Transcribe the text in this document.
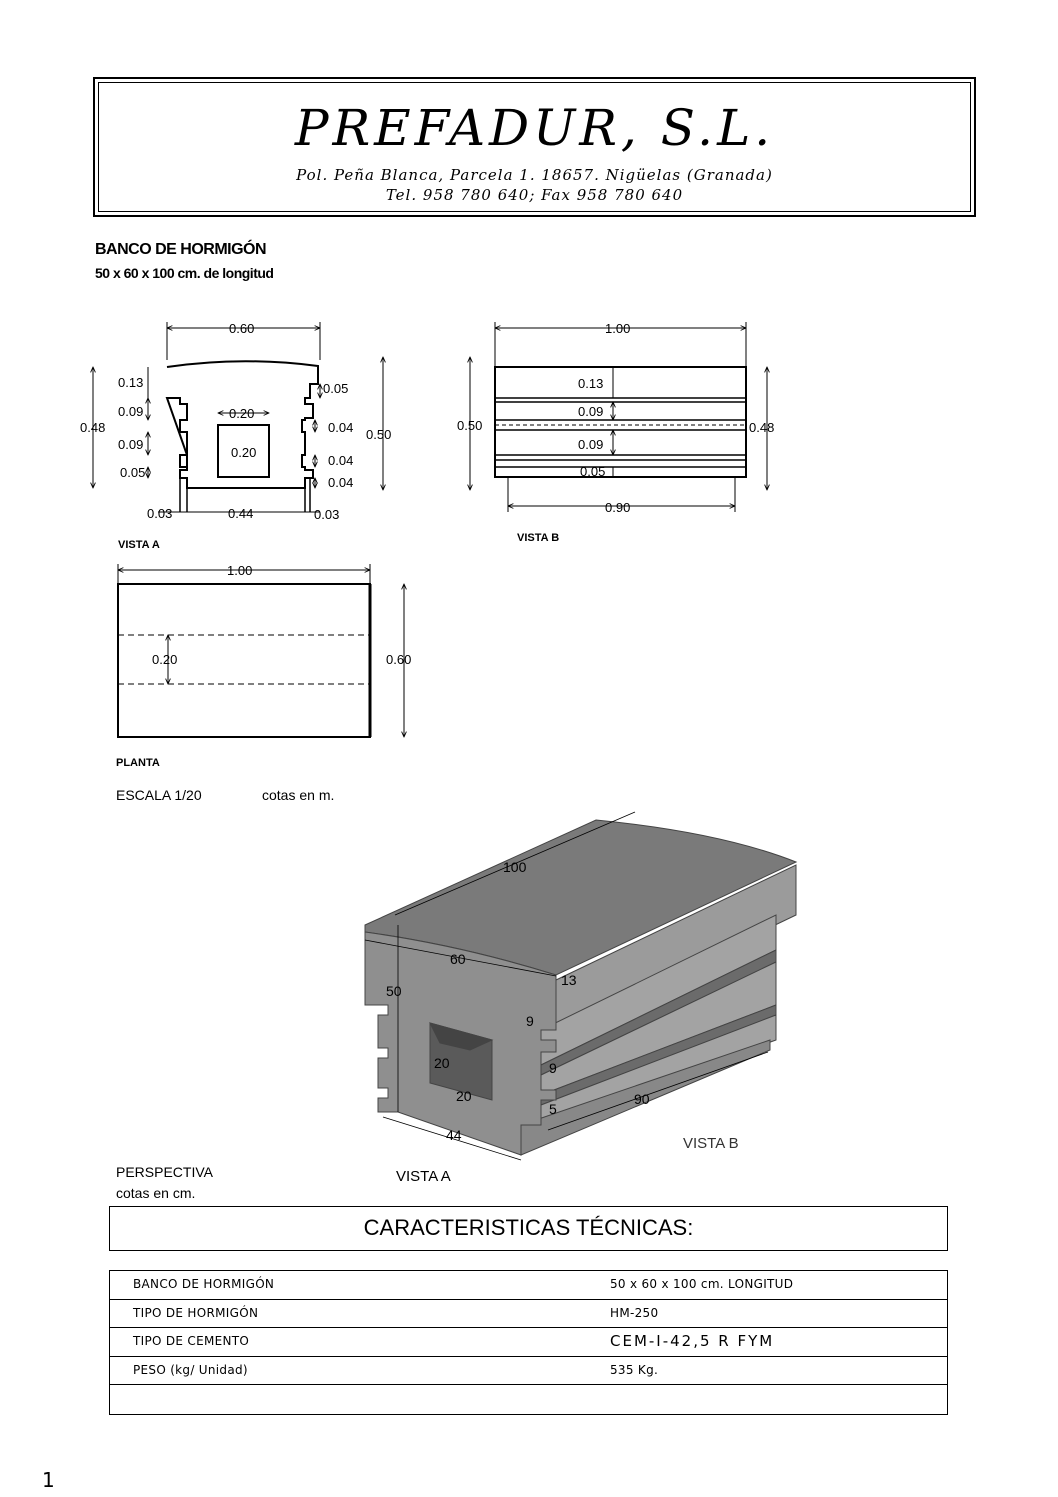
PREFADUR, S.L.
Pol. Peña Blanca, Parcela 1. 18657. Nigüelas (Granada)
Tel. 958 780 640; Fax 958 780 640
BANCO DE HORMIGÓN
50 x 60 x 100 cm. de longitud
0.60
0.13
0.09
0.48
0.09
0.05
0.03	0.44	0.03
0.20
0.20
0.05
0.04
0.04
0.04
0.50
VISTA A
1.00
0.50	0.48
0.13
0.09
0.09
0.05
0.90
VISTA B
1.00
0.20	0.60
PLANTA
ESCALA 1/20	cotas en m.
100
60
50
13
9
9
5
20
20
44
90
VISTA B
VISTA A
PERSPECTIVA
cotas en cm.
CARACTERISTICAS TÉCNICAS:
BANCO DE HORMIGÓN	50 x 60 x 100 cm. LONGITUD
TIPO DE HORMIGÓN	HM-250
TIPO DE CEMENTO	CEM-I-42,5 R FYM
PESO (kg/ Unidad)	535 Kg.
1
